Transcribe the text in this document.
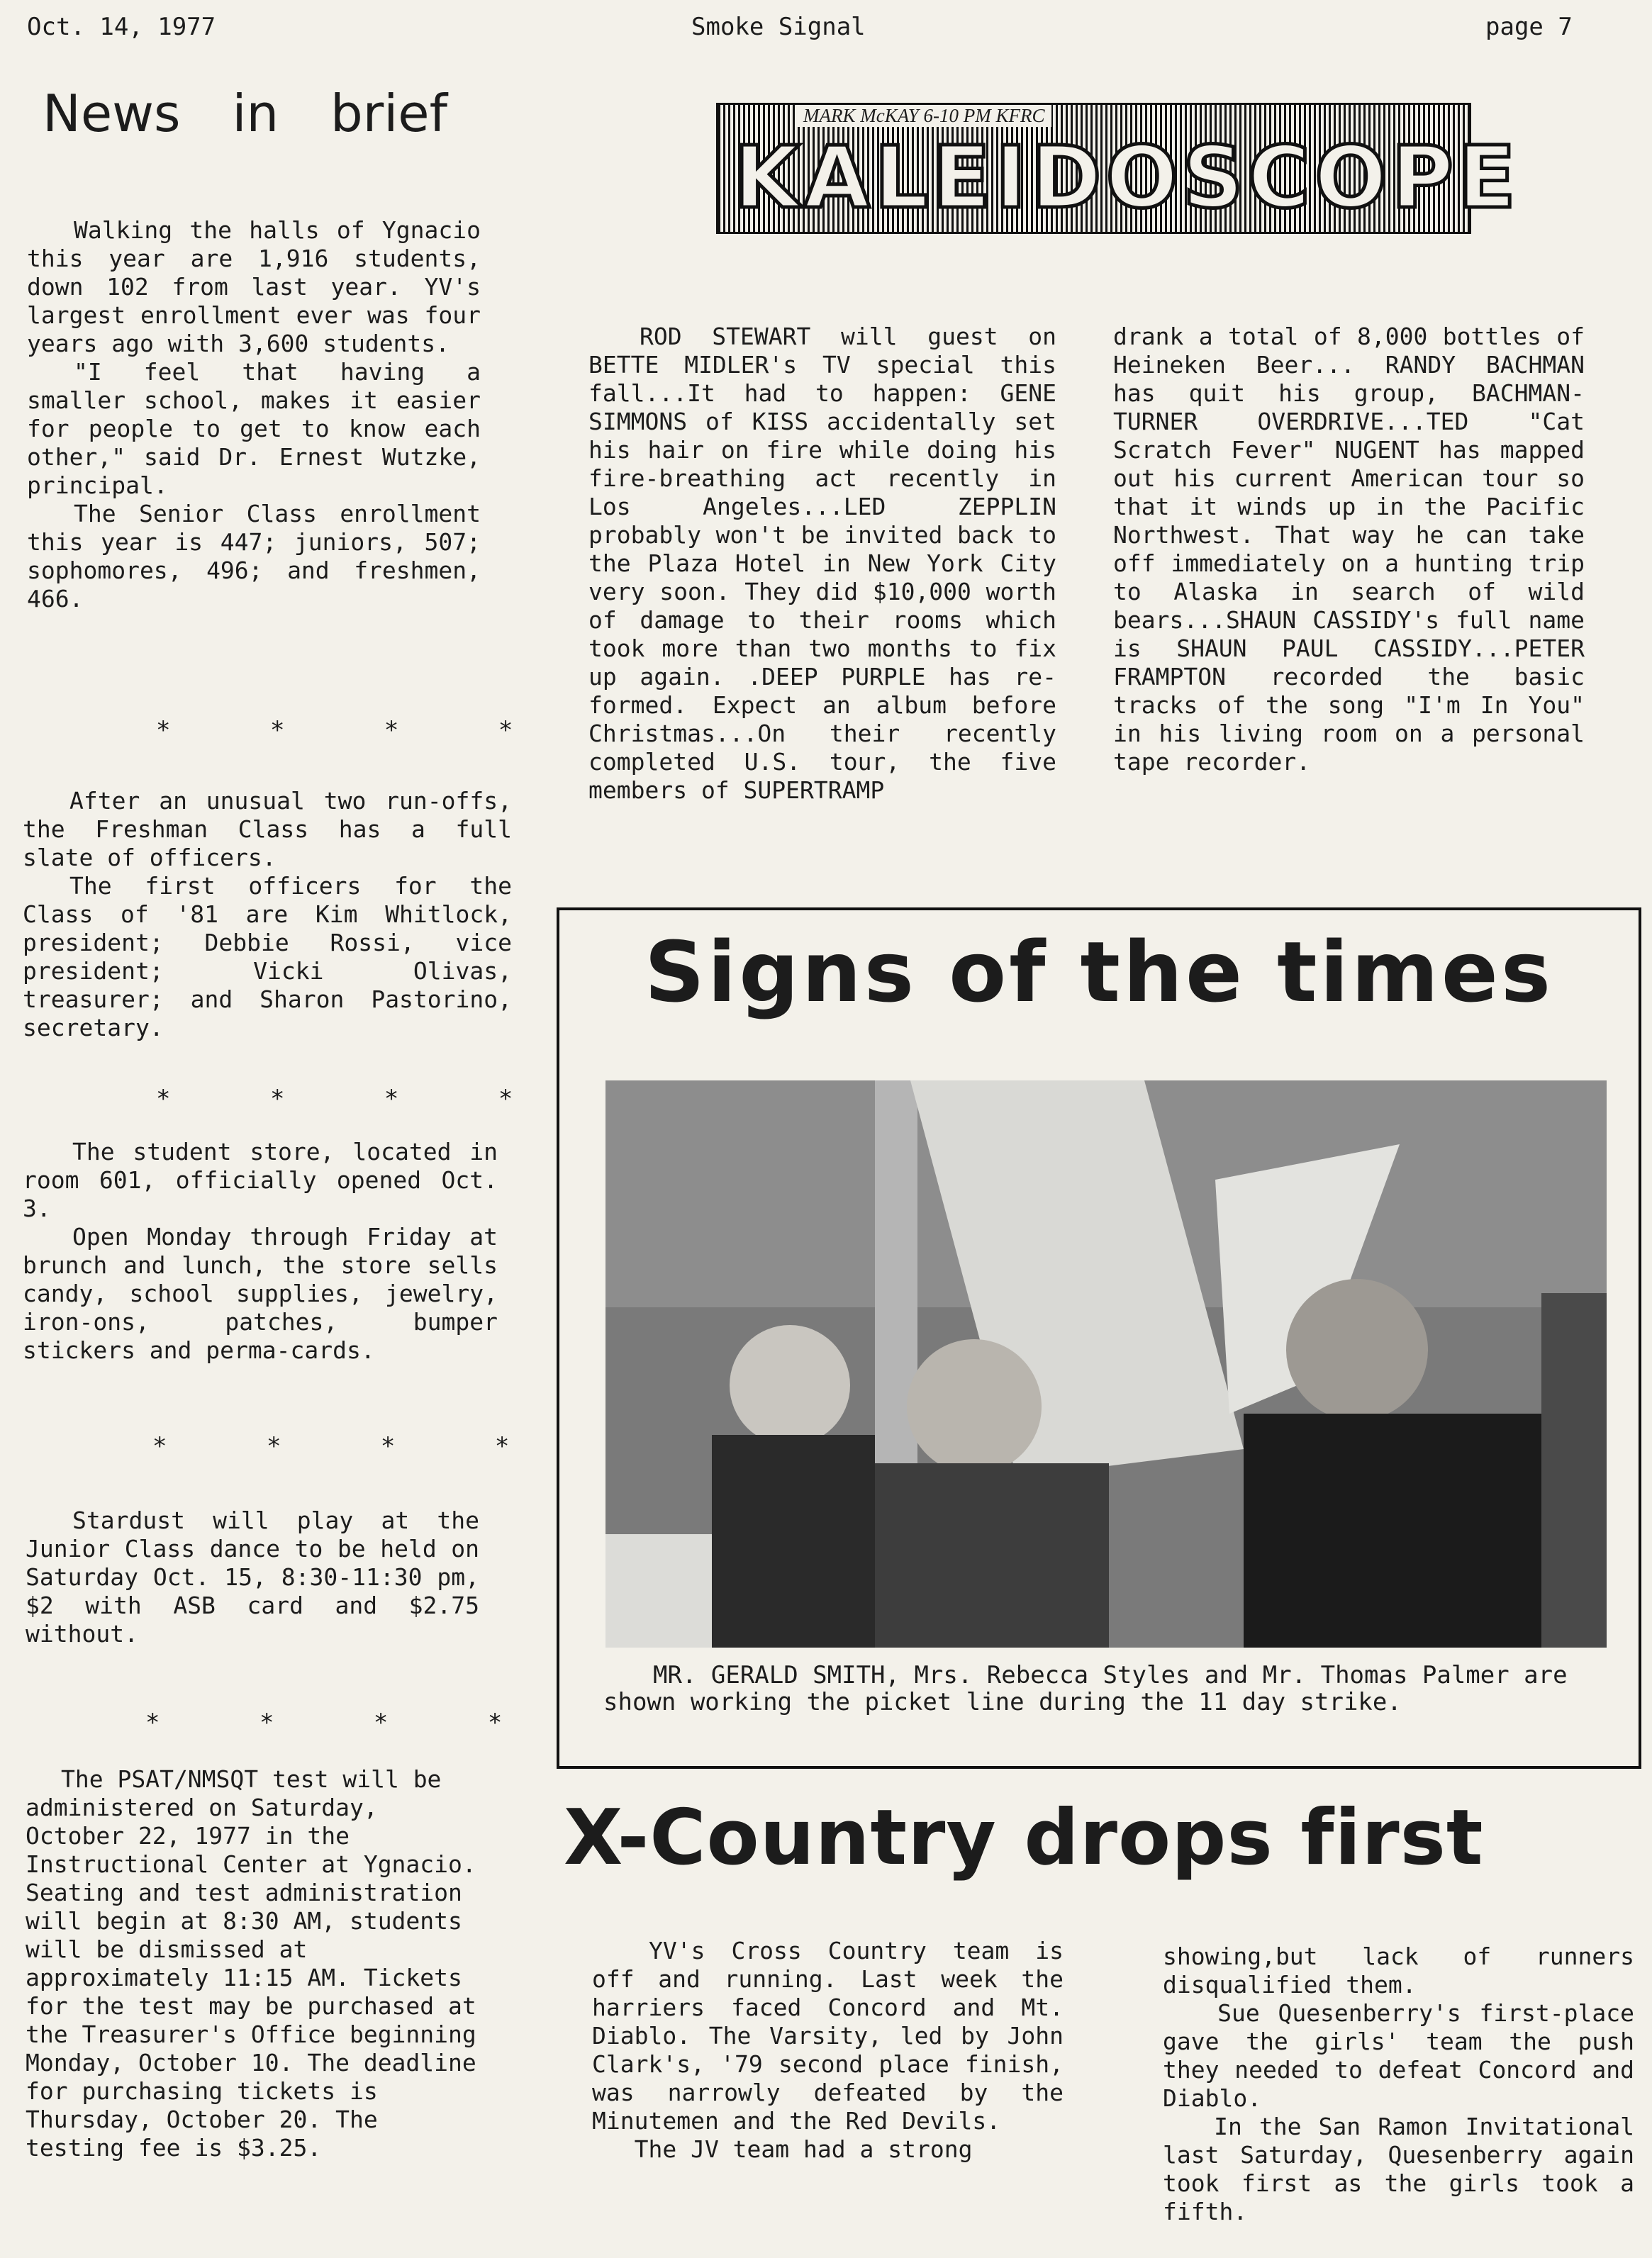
Oct. 14, 1977	Smoke Signal	page 7
News in brief

Walking the halls of Ygnacio this year are 1,916 students, down 102 from last year. YV's largest enrollment ever was four years ago with 3,600 students.

"I feel that having a smaller school, makes it easier for people to get to know each other," said Dr. Ernest Wutzke, principal.

The Senior Class enrollment this year is 447; juniors, 507; sophomores, 496; and freshmen, 466.

* * * *

After an unusual two run-offs, the Freshman Class has a full slate of officers.

The first officers for the Class of '81 are Kim Whitlock, president; Debbie Rossi, vice president; Vicki Olivas, treasurer; and Sharon Pastorino, secretary.

* * * *

The student store, located in room 601, officially opened Oct. 3.

Open Monday through Friday at brunch and lunch, the store sells candy, school supplies, jewelry, iron-ons, patches, bumper stickers and perma-cards.

* * * *

Stardust will play at the Junior Class dance to be held on Saturday Oct. 15, 8:30-11:30 pm, $2 with ASB card and $2.75 without.

* * * *

The PSAT/NMSQT test will be administered on Saturday, October 22, 1977 in the Instructional Center at Ygnacio. Seating and test administration will begin at 8:30 AM, students will be dismissed at approximately 11:15 AM. Tickets for the test may be purchased at the Treasurer's Office beginning Monday, October 10. The deadline for purchasing tickets is Thursday, October 20. The testing fee is $3.25.

MARK McKAY 6-10 PM KFRC
KALEIDOSCOPE

ROD STEWART will guest on BETTE MIDLER's TV special this fall...It had to happen: GENE SIMMONS of KISS accidentally set his hair on fire while doing his fire-breathing act recently in Los Angeles...LED ZEPPLIN probably won't be invited back to the Plaza Hotel in New York City very soon. They did $10,000 worth of damage to their rooms which took more than two months to fix up again. .DEEP PURPLE has re-formed. Expect an album before Christmas...On their recently completed U.S. tour, the five members of SUPERTRAMP

drank a total of 8,000 bottles of Heineken Beer... RANDY BACHMAN has quit his group, BACHMAN-TURNER OVERDRIVE...TED "Cat Scratch Fever" NUGENT has mapped out his current American tour so that it winds up in the Pacific Northwest. That way he can take off immediately on a hunting trip to Alaska in search of wild bears...SHAUN CASSIDY's full name is SHAUN PAUL CASSIDY...PETER FRAMPTON recorded the basic tracks of the song "I'm In You" in his living room on a personal tape recorder.

Signs of the times
MR. GERALD SMITH, Mrs. Rebecca Styles and Mr. Thomas Palmer are shown working the picket line during the 11 day strike.
X-Country drops first

YV's Cross Country team is off and running. Last week the harriers faced Concord and Mt. Diablo. The Varsity, led by John Clark's, '79 second place finish, was narrowly defeated by the Minutemen and the Red Devils.
The JV team had a strong

showing,but lack of runners disqualified them.
Sue Quesenberry's first-place gave the girls' team the push they needed to defeat Concord and Diablo.
In the San Ramon Invitational last Saturday, Quesenberry again took first as the girls took a fifth.
